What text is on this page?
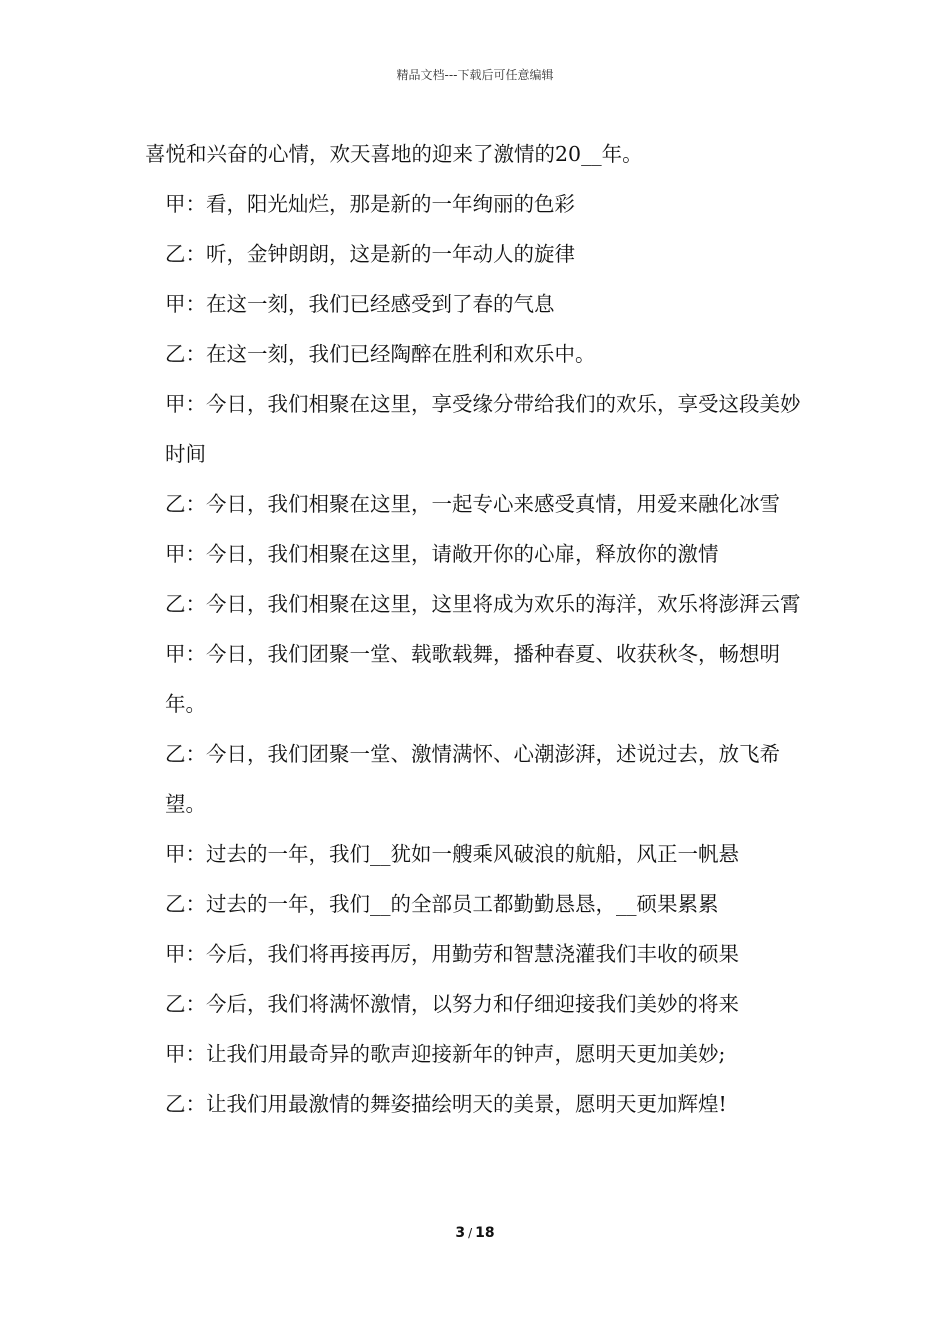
精品文档---下载后可任意编辑

喜悦和兴奋的心情，欢天喜地的迎来了激情的20__年。

甲：看，阳光灿烂，那是新的一年绚丽的色彩

乙：听，金钟朗朗，这是新的一年动人的旋律

甲：在这一刻，我们已经感受到了春的气息

乙：在这一刻，我们已经陶醉在胜利和欢乐中。

甲：今日，我们相聚在这里，享受缘分带给我们的欢乐，享受这段美妙时间

乙：今日，我们相聚在这里，一起专心来感受真情，用爱来融化冰雪

甲：今日，我们相聚在这里，请敞开你的心扉，释放你的激情

乙：今日，我们相聚在这里，这里将成为欢乐的海洋，欢乐将澎湃云霄

甲：今日，我们团聚一堂、载歌载舞，播种春夏、收获秋冬，畅想明年。

乙：今日，我们团聚一堂、激情满怀、心潮澎湃，述说过去，放飞希望。

甲：过去的一年，我们__犹如一艘乘风破浪的航船，风正一帆悬

乙：过去的一年，我们__的全部员工都勤勤恳恳，__硕果累累

甲：今后，我们将再接再厉，用勤劳和智慧浇灌我们丰收的硕果

乙：今后，我们将满怀激情，以努力和仔细迎接我们美妙的将来

甲：让我们用最奇异的歌声迎接新年的钟声，愿明天更加美妙;

乙：让我们用最激情的舞姿描绘明天的美景，愿明天更加辉煌!

3 / 18
